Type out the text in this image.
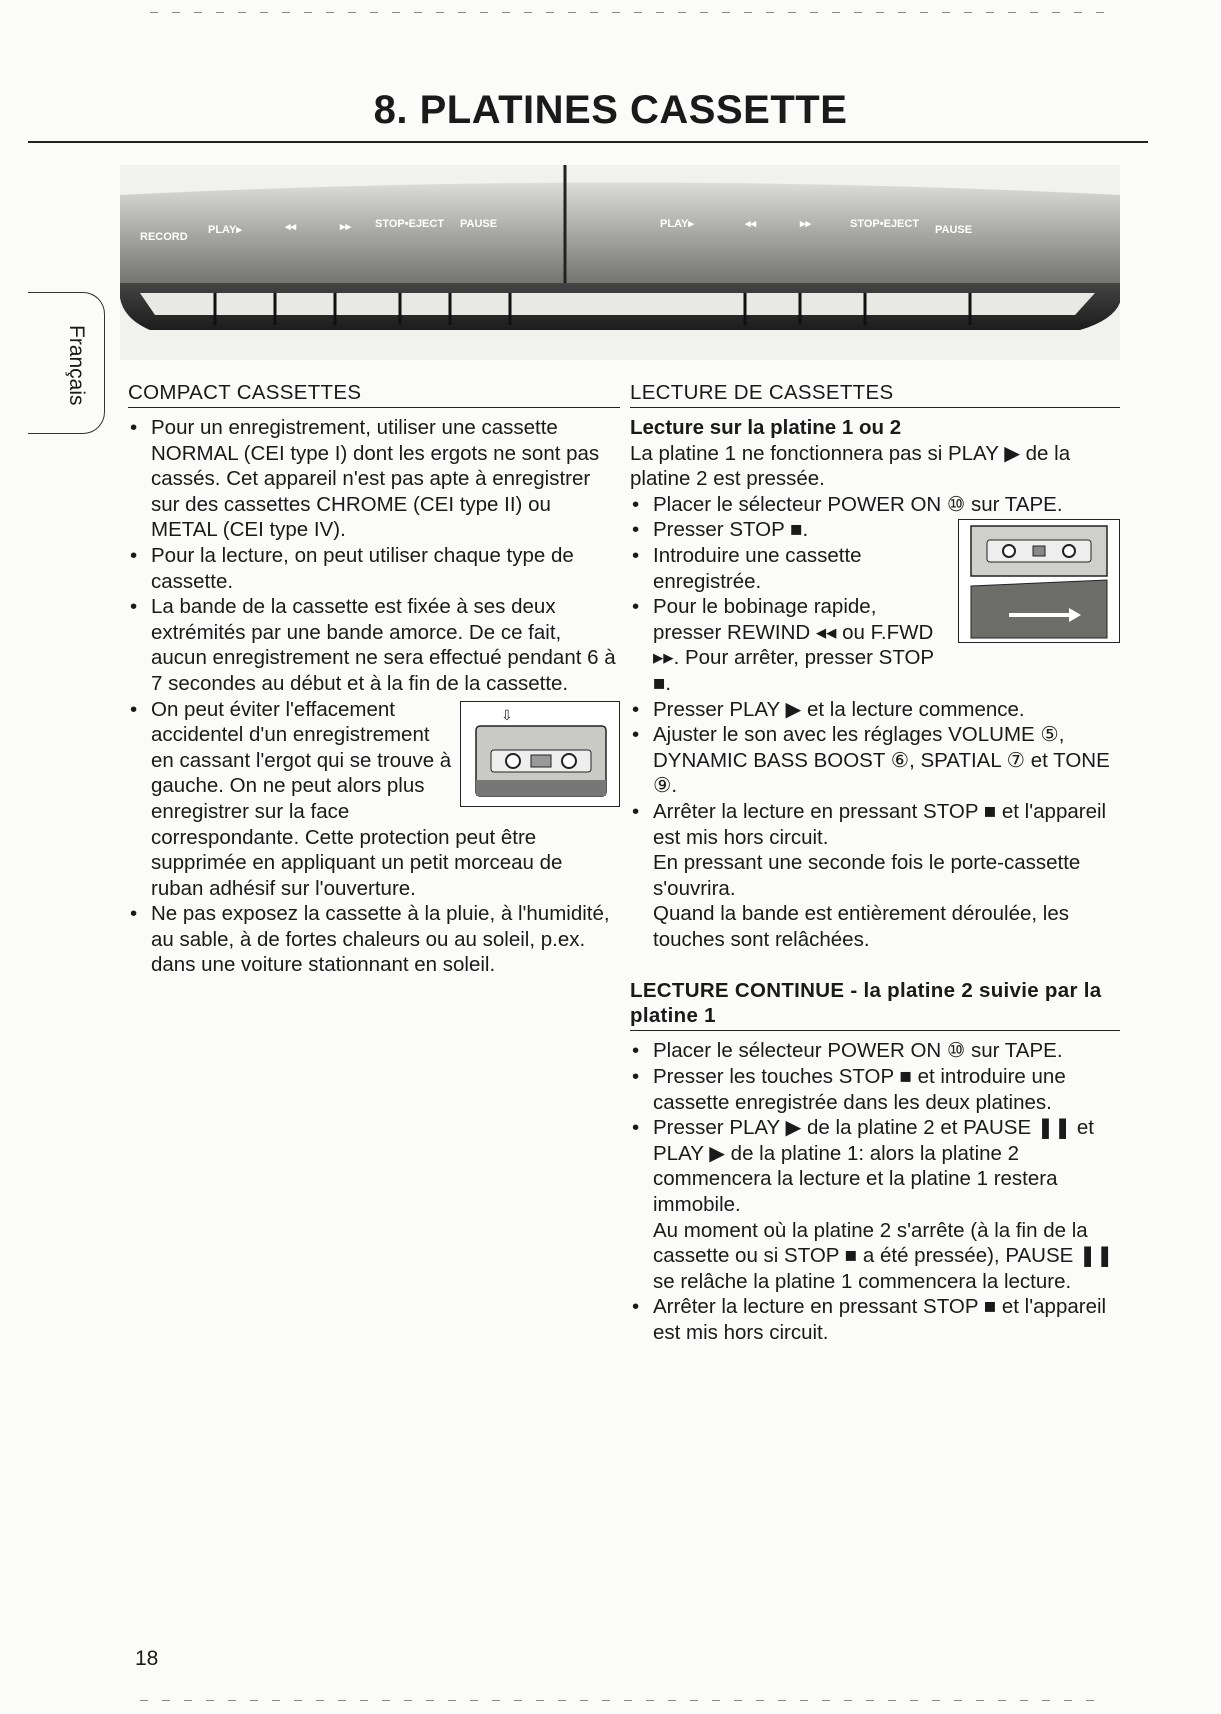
8. PLATINES CASSETTE
Français
RECORD
PLAY▸	◂◂	▸▸ STOP•EJECT PAUSE	PLAY▸	◂◂	▸▸	STOP•EJECT PAUSE
COMPACT CASSETTES
• Pour un enregistrement, utiliser une cassette NORMAL (CEI type I) dont les ergots ne sont pas cassés. Cet appareil n'est pas apte à enregistrer sur des cassettes CHROME (CEI type II) ou METAL (CEI type IV).
• Pour la lecture, on peut utiliser chaque type de cassette.
• La bande de la cassette est fixée à ses deux extrémités par une bande amorce. De ce fait, aucun enregistrement ne sera effectué pendant 6 à 7 secondes au début et à la fin de la cassette.
• ⇩
On peut éviter l'effacement accidentel d'un enregistrement en cassant l'ergot qui se trouve à gauche. On ne peut alors plus enregistrer sur la face correspondante. Cette protection peut être supprimée en appliquant un petit morceau de ruban adhésif sur l'ouverture.
• Ne pas exposez la cassette à la pluie, à l'humidité, au sable, à de fortes chaleurs ou au soleil, p.ex. dans une voiture stationnant en soleil.
LECTURE DE CASSETTES
Lecture sur la platine 1 ou 2

La platine 1 ne fonctionnera pas si PLAY ▶ de la platine 2 est pressée.

• Placer le sélecteur POWER ON ⑩ sur TAPE.
• Presser STOP ■.
• Introduire une cassette enregistrée.
• Pour le bobinage rapide, presser REWIND ◂◂ ou F.FWD ▸▸. Pour arrêter, presser STOP ■.
• Presser PLAY ▶ et la lecture commence.
• Ajuster le son avec les réglages VOLUME ⑤, DYNAMIC BASS BOOST ⑥, SPATIAL ⑦ et TONE ⑨.
• Arrêter la lecture en pressant STOP ■ et l'appareil est mis hors circuit.

En pressant une seconde fois le porte-cassette s'ouvrira.

Quand la bande est entièrement déroulée, les touches sont relâchées.

LECTURE CONTINUE - la platine 2 suivie par la platine 1
• Placer le sélecteur POWER ON ⑩ sur TAPE.
• Presser les touches STOP ■ et introduire une cassette enregistrée dans les deux platines.
• Presser PLAY ▶ de la platine 2 et PAUSE ❚❚ et PLAY ▶ de la platine 1: alors la platine 2 commencera la lecture et la platine 1 restera immobile.

Au moment où la platine 2 s'arrête (à la fin de la cassette ou si STOP ■ a été pressée), PAUSE ❚❚ se relâche la platine 1 commencera la lecture.

• Arrêter la lecture en pressant STOP ■ et l'appareil est mis hors circuit.
18
